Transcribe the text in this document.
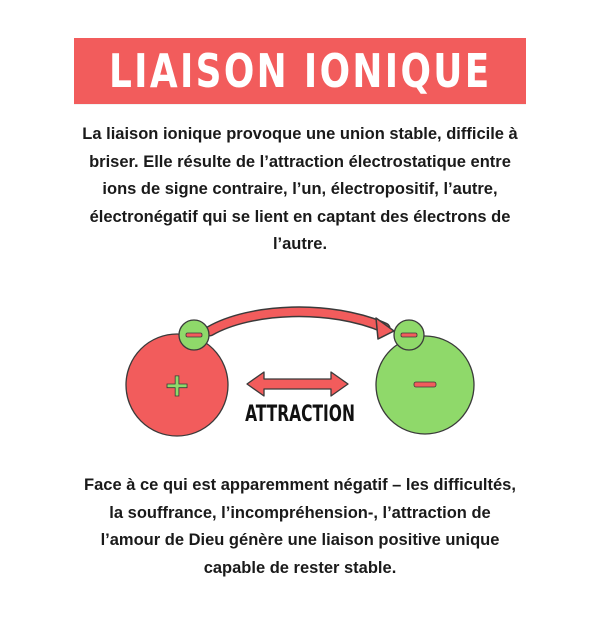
LIAISON IONIQUE

La liaison ionique provoque une union stable, difficile à briser. Elle résulte de l’attraction électrostatique entre ions de signe contraire, l’un, électropositif, l’autre, électronégatif qui se lient en captant des électrons de l’autre.

+
ATTRACTION

Face à ce qui est apparemment négatif – les difficultés, la souffrance, l’incompréhension-, l’attraction de l’amour de Dieu génère une liaison positive unique capable de rester stable.
